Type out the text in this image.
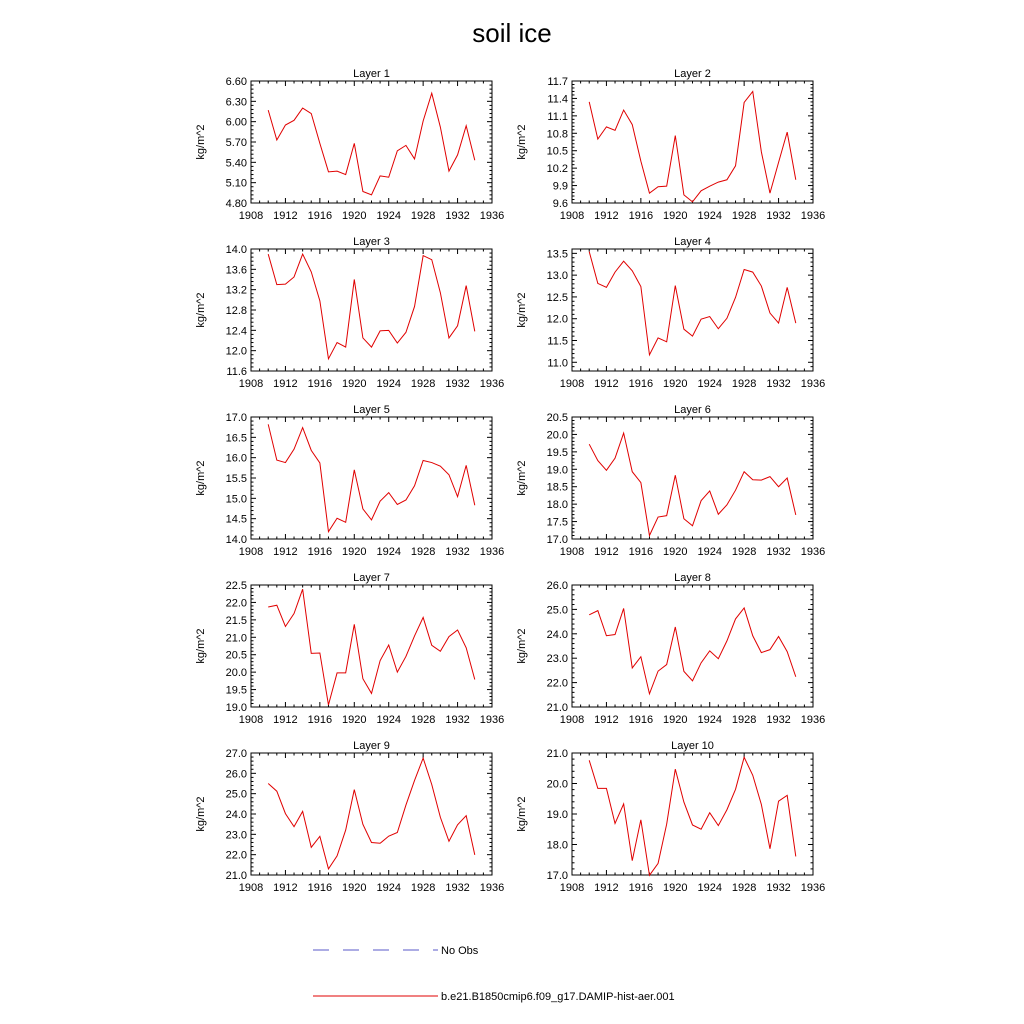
soil ice
Layer 1
kg/m^2
1908 1912 1916 1920 1924 1928 1932 1936
4.80
5.10
5.40
5.70
6.00
6.30
6.60
Layer 2
kg/m^2
1908 1912 1916 1920 1924 1928 1932 1936
9.6
9.9
10.2
10.5
10.8
11.1
11.4
11.7
Layer 3
kg/m^2
1908 1912 1916 1920 1924 1928 1932 1936
11.6
12.0
12.4
12.8
13.2
13.6
14.0
Layer 4
kg/m^2
1908 1912 1916 1920 1924 1928 1932 1936
11.0
11.5
12.0
12.5
13.0
13.5
Layer 5
kg/m^2
1908 1912 1916 1920 1924 1928 1932 1936
14.0
14.5
15.0
15.5
16.0
16.5
17.0
Layer 6
kg/m^2
1908 1912 1916 1920 1924 1928 1932 1936
17.0
17.5
18.0
18.5
19.0
19.5
20.0
20.5
Layer 7
kg/m^2
1908 1912 1916 1920 1924 1928 1932 1936
19.0
19.5
20.0
20.5
21.0
21.5
22.0
22.5
Layer 8
kg/m^2
1908 1912 1916 1920 1924 1928 1932 1936
21.0
22.0
23.0
24.0
25.0
26.0
Layer 9
kg/m^2
1908 1912 1916 1920 1924 1928 1932 1936
21.0
22.0
23.0
24.0
25.0
26.0
27.0
Layer 10
kg/m^2
1908 1912 1916 1920 1924 1928 1932 1936
17.0
18.0
19.0
20.0
21.0
No Obs
b.e21.B1850cmip6.f09_g17.DAMIP-hist-aer.001
